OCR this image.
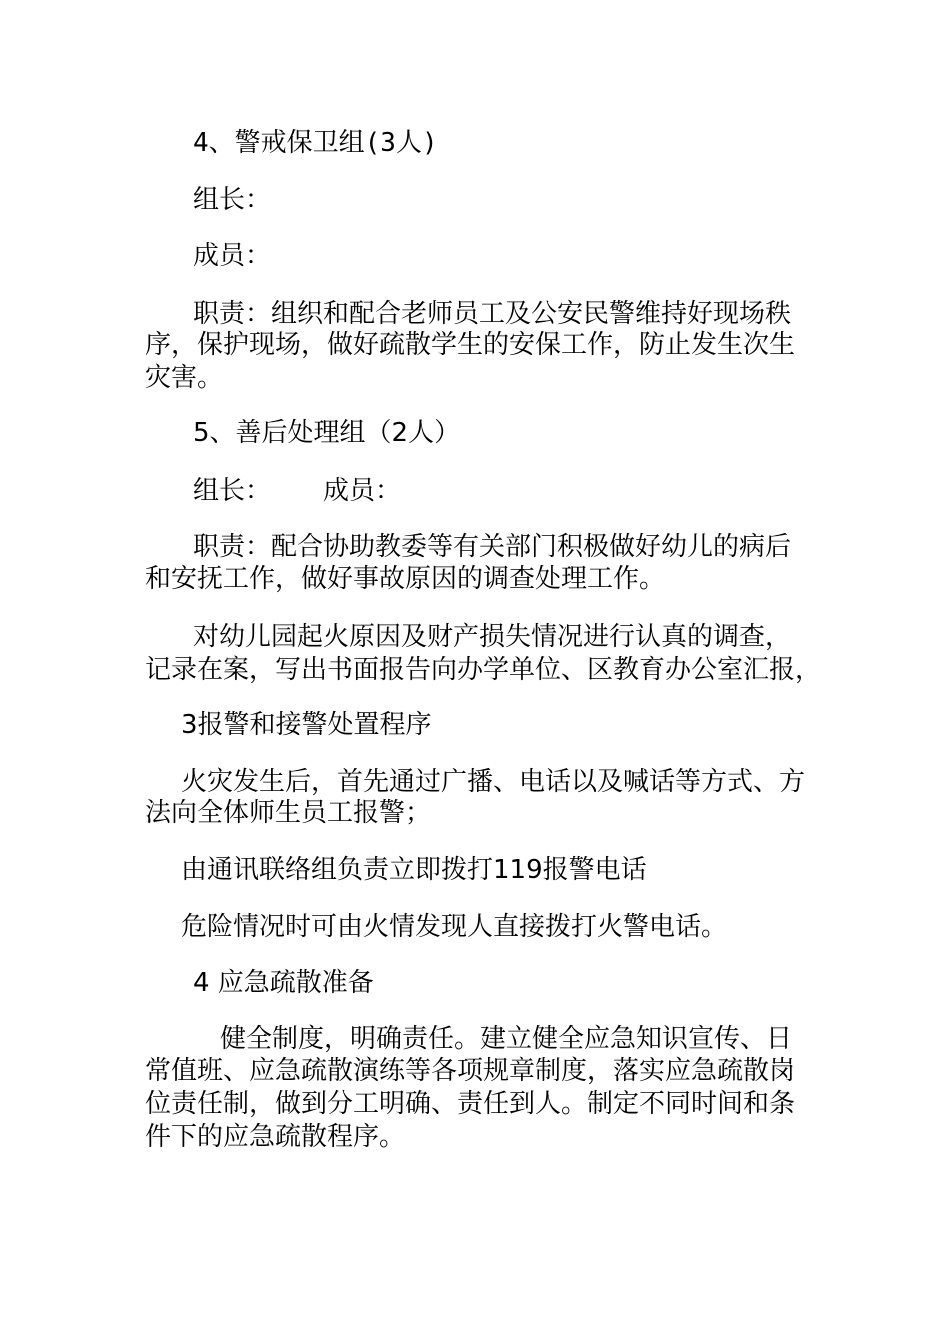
4、警戒保卫组(3人)
组长：
成员：
职责：组织和配合老师员工及公安民警维持好现场秩
序，保护现场，做好疏散学生的安保工作，防止发生次生
灾害。
5、善后处理组（2人）
组长： 成员：
职责：配合协助教委等有关部门积极做好幼儿的病后
和安抚工作，做好事故原因的调查处理工作。
对幼儿园起火原因及财产损失情况进行认真的调查，
记录在案，写出书面报告向办学单位、区教育办公室汇报，
3报警和接警处置程序
火灾发生后，首先通过广播、电话以及喊话等方式、方
法向全体师生员工报警；
由通讯联络组负责立即拨打119报警电话
危险情况时可由火情发现人直接拨打火警电话。
4 应急疏散准备
健全制度，明确责任。建立健全应急知识宣传、日
常值班、应急疏散演练等各项规章制度，落实应急疏散岗
位责任制，做到分工明确、责任到人。制定不同时间和条
件下的应急疏散程序。
